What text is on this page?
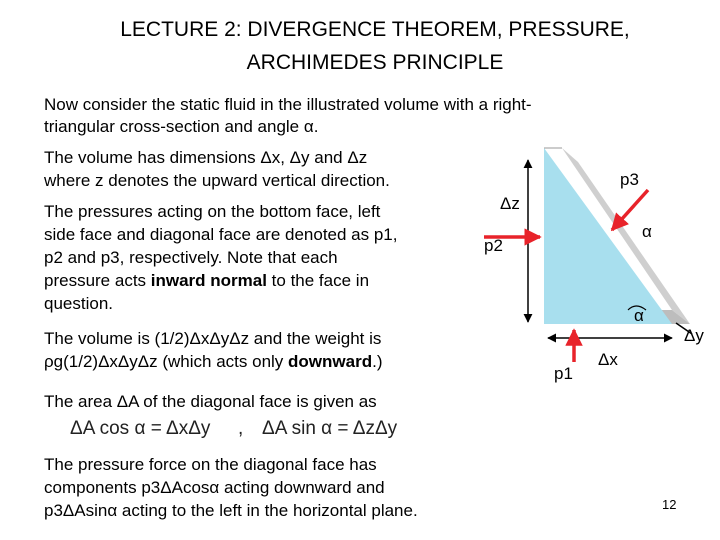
LECTURE 2: DIVERGENCE THEOREM, PRESSURE,
ARCHIMEDES PRINCIPLE
Now consider the static fluid in the illustrated volume with a right-
triangular cross-section and angle α.
The volume has dimensions Δx, Δy and Δz
where z denotes the upward vertical direction.
The pressures acting on the bottom face, left
side face and diagonal face are denoted as p1,
p2 and p3, respectively. Note that each
pressure acts inward normal to the face in
question.
The volume is (1/2)ΔxΔyΔz and the weight is
ρg(1/2)ΔxΔyΔz (which acts only downward.)
The area ΔA of the diagonal face is given as
ΔA cos α = ΔxΔy , ΔA sin α = ΔzΔy
The pressure force on the diagonal face has
components p3ΔAcosα acting downward and
p3ΔAsinα acting to the left in the horizontal plane.
p3
Δz
α
p2
α
Δy
p1
Δx
12
